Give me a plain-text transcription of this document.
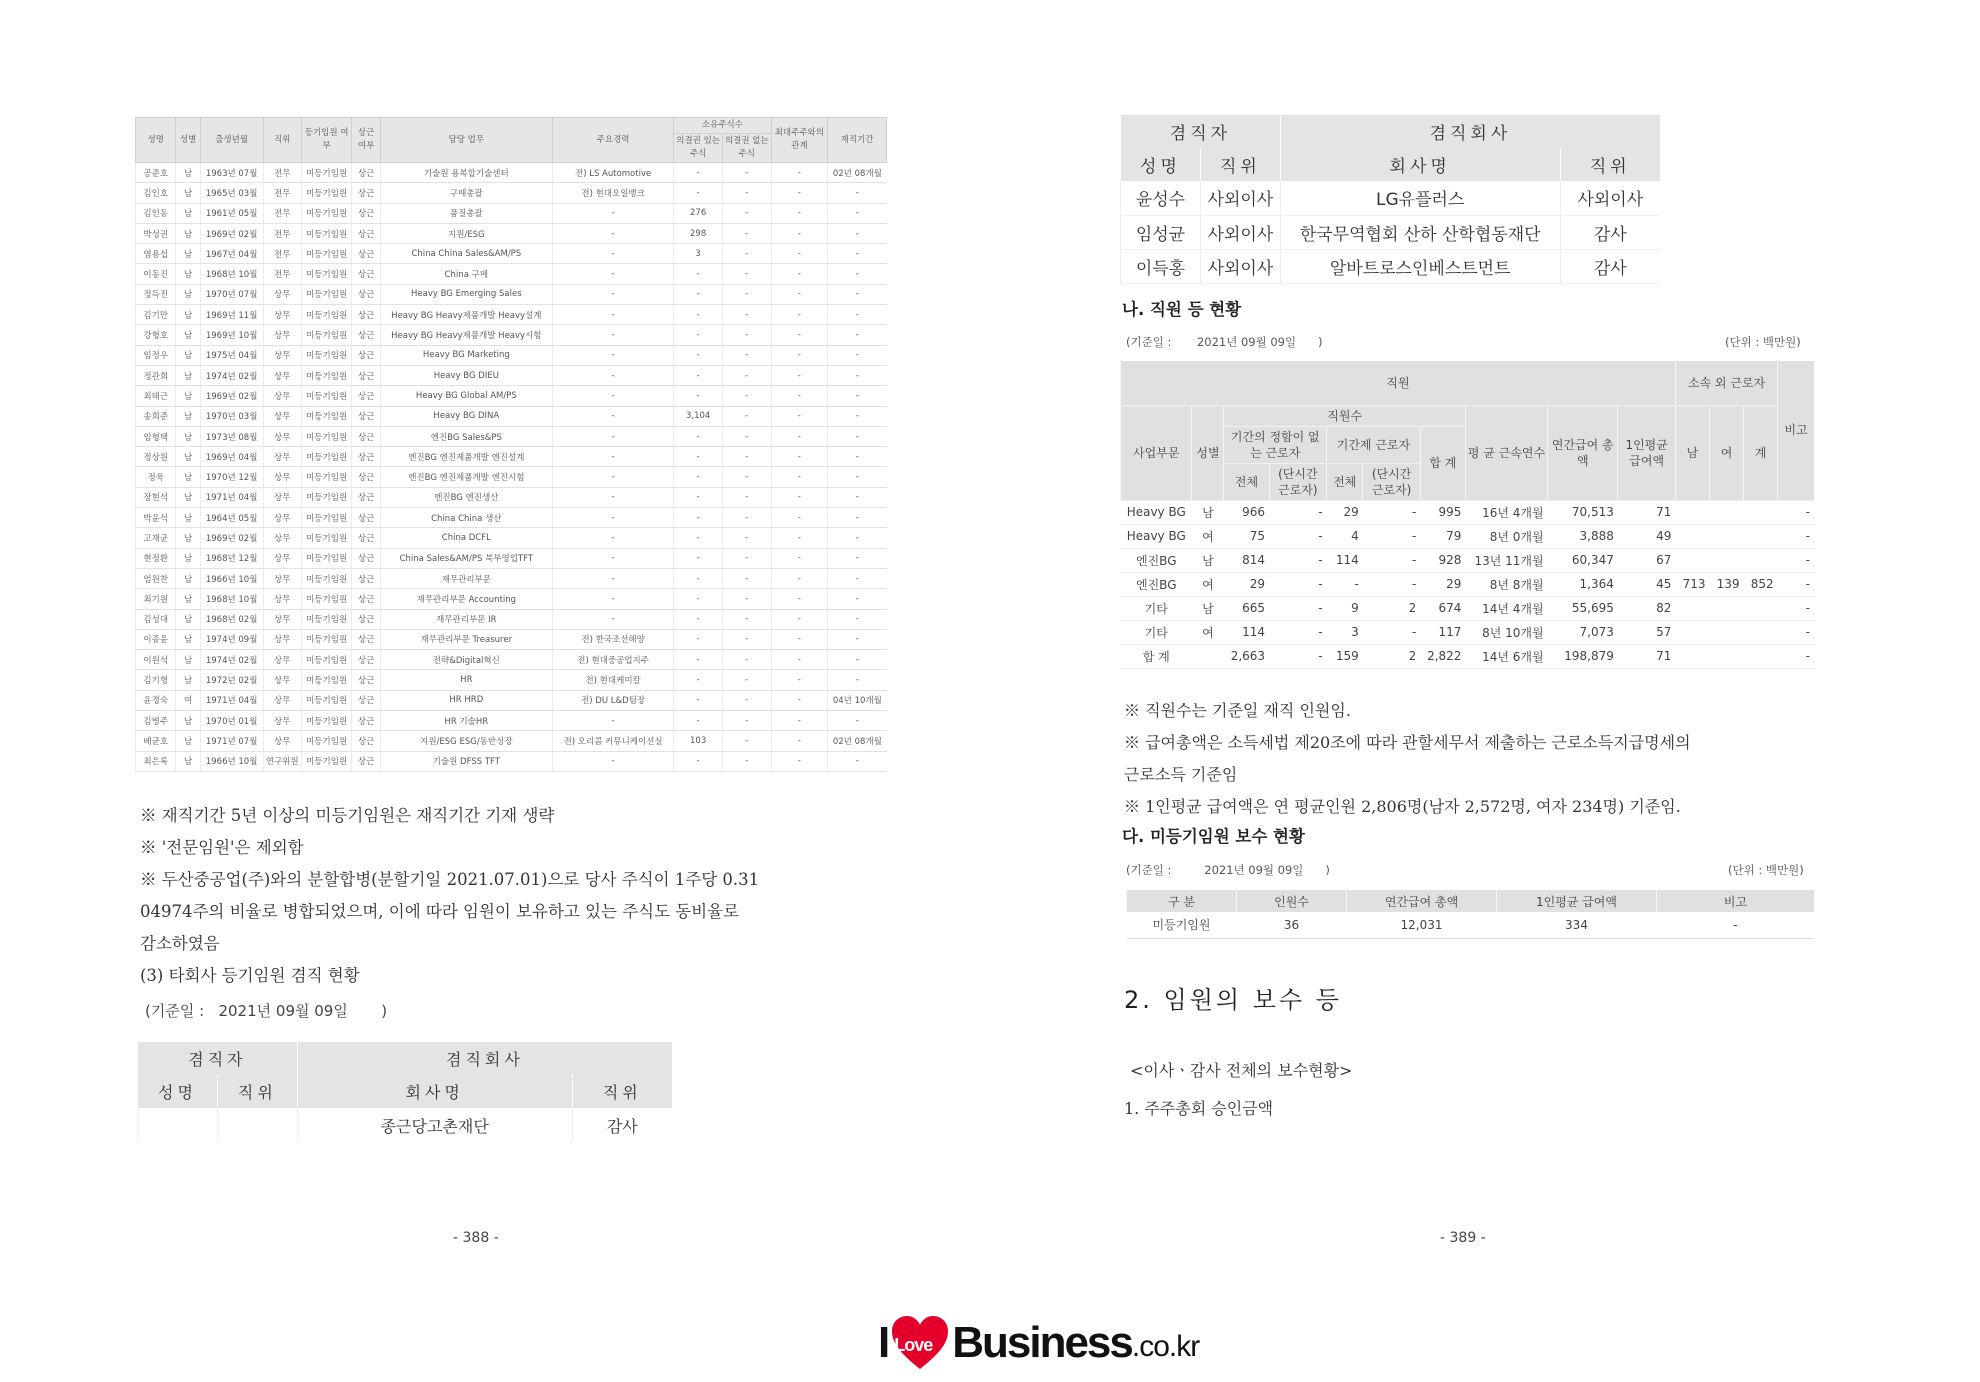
성명	성별	출생년월	직위	등기임원 여부	상근 여부	담당 업무	주요경력	소유주식수		최대주주와의 관계	재직기간
								의결권 있는 주식	의결권 없는 주식		
공준호	남	1963년 07월	전무	미등기임원	상근	기술원 용복합기술센터	전) LS Automotive	-	-	-	02년 08개월
김인호	남	1965년 03월	전무	미등기임원	상근	구매총괄	전) 현대오일뱅크	-	-	-	-
김인동	남	1961년 05월	전무	미등기임원	상근	품질총괄	-	276	-	-	-
박성권	남	1969년 02월	전무	미등기임원	상근	지원/ESG	-	298	-	-	-
염용섭	남	1967년 04월	전무	미등기임원	상근	China China Sales&AM/PS	-	3	-	-	-
이동진	남	1968년 10월	전무	미등기임원	상근	China 구매	-	-	-	-	-
정득진	남	1970년 07월	상무	미등기임원	상근	Heavy BG Emerging Sales	-	-	-	-	-
김기만	남	1969년 11월	상무	미등기임원	상근	Heavy BG Heavy제품개발 Heavy설계	-	-	-	-	-
강형호	남	1969년 10월	상무	미등기임원	상근	Heavy BG Heavy제품개발 Heavy시험	-	-	-	-	-
임정우	남	1975년 04월	상무	미등기임원	상근	Heavy BG Marketing	-	-	-	-	-
정관희	남	1974년 02월	상무	미등기임원	상근	Heavy BG DIEU	-	-	-	-	-
최태근	남	1969년 02월	상무	미등기임원	상근	Heavy BG Global AM/PS	-	-	-	-	-
송희준	남	1970년 03월	상무	미등기임원	상근	Heavy BG DINA	-	3,104	-	-	-
임형택	남	1973년 08월	상무	미등기임원	상근	엔진BG Sales&PS	-	-	-	-	-
정상원	남	1969년 04월	상무	미등기임원	상근	엔진BG 엔진제품개발 엔진설계	-	-	-	-	-
정욱	남	1970년 12월	상무	미등기임원	상근	엔진BG 엔진제품개발 엔진시험	-	-	-	-	-
장현석	남	1971년 04월	상무	미등기임원	상근	엔진BG 엔진생산	-	-	-	-	-
박윤석	남	1964년 05월	상무	미등기임원	상근	China China 생산	-	-	-	-	-
고재균	남	1969년 02월	상무	미등기임원	상근	China DCFL	-	-	-	-	-
현정환	남	1968년 12월	상무	미등기임원	상근	China Sales&AM/PS 북부영업TFT	-	-	-	-	-
엄원찬	남	1966년 10월	상무	미등기임원	상근	재무관리부문	-	-	-	-	-
최기원	남	1968년 10월	상무	미등기임원	상근	재무관리부문 Accounting	-	-	-	-	-
김성대	남	1968년 02월	상무	미등기임원	상근	재무관리부문 IR	-	-	-	-	-
이종윤	남	1974년 09월	상무	미등기임원	상근	재무관리부문 Treasurer	전) 한국조선해양	-	-	-	-
이원석	남	1974년 02월	상무	미등기임원	상근	전략&Digital혁신	전) 현대중공업지주	-	-	-	-
김기형	남	1972년 02월	상무	미등기임원	상근	HR	전) 현대케미칼	-	-	-	-
윤경숙	여	1971년 04월	상무	미등기임원	상근	HR HRD	전) DU L&D팀장	-	-	-	04년 10개월
김병주	남	1970년 01월	상무	미등기임원	상근	HR 기술HR	-	-	-	-	-
배균호	남	1971년 07월	상무	미등기임원	상근	지원/ESG ESG/동반성장	전) 오리콤 커뮤니케이션실	103	-	-	02년 08개월
최은록	남	1966년 10월	연구위원	미등기임원	상근	기술원 DFSS TFT	-	-	-	-	-

※ 재직기간 5년 이상의 미등기임원은 재직기간 기재 생략

※ '전문임원'은 제외함

※ 두산중공업(주)와의 분할합병(분할기일 2021.07.01)으로 당사 주식이 1주당 0.31

04974주의 비율로 병합되었으며, 이에 따라 임원이 보유하고 있는 주식도 동비율로

감소하였음

(3) 타회사 등기임원 겸직 현황

(기준일 : 2021년 09월 09일 )
겸직자		겸직회사	
성명	직위	회사명	직위
		종근당고촌재단	감사
- 388 -
겸직자		겸직회사	
성명	직위	회사명	직위
윤성수	사외이사	LG유플러스	사외이사
임성균	사외이사	한국무역협회 산하 산학협동재단	감사
이득홍	사외이사	알바트로스인베스트먼트	감사
나. 직원 등 현황
(기준일 : 2021년 09월 09일 )	(단위 : 백만원)
직원										소속 외 근로자			비고
사업부문	성별	직원수					평 균 근속연수	연간급여 총 액	1인평균 급여액	남	여	계	
		기간의 정함이 없는 근로자		기간제 근로자		합 계							
		전체	(단시간 근로자)	전체	(단시간 근로자)								
Heavy BG	남	966	-	29	-	995	16년 4개월	70,513	71				-
Heavy BG	여	75	-	4	-	79	8년 0개월	3,888	49				-
엔진BG	남	814	-	114	-	928	13년 11개월	60,347	67				-
엔진BG	여	29	-	-	-	29	8년 8개월	1,364	45	713	139	852	-
기타	남	665	-	9	2	674	14년 4개월	55,695	82				-
기타	여	114	-	3	-	117	8년 10개월	7,073	57				-
합 계		2,663	-	159	2	2,822	14년 6개월	198,879	71				-

※ 직원수는 기준일 재직 인원임.

※ 급여총액은 소득세법 제20조에 따라 관할세무서 제출하는 근로소득지급명세의

근로소득 기준임

※ 1인평균 급여액은 연 평균인원 2,806명(남자 2,572명, 여자 234명) 기준임.

다. 미등기임원 보수 현황
(기준일 :	2021년 09월 09일 )	(단위 : 백만원)
구 분	인원수	연간급여 총액	1인평균 급여액	비고
미등기임원	36	12,031	334	-
2. 임원의 보수 등
<이사ㆍ감사 전체의 보수현황>
1. 주주총회 승인금액
- 389 -
I Love Business .co.kr
